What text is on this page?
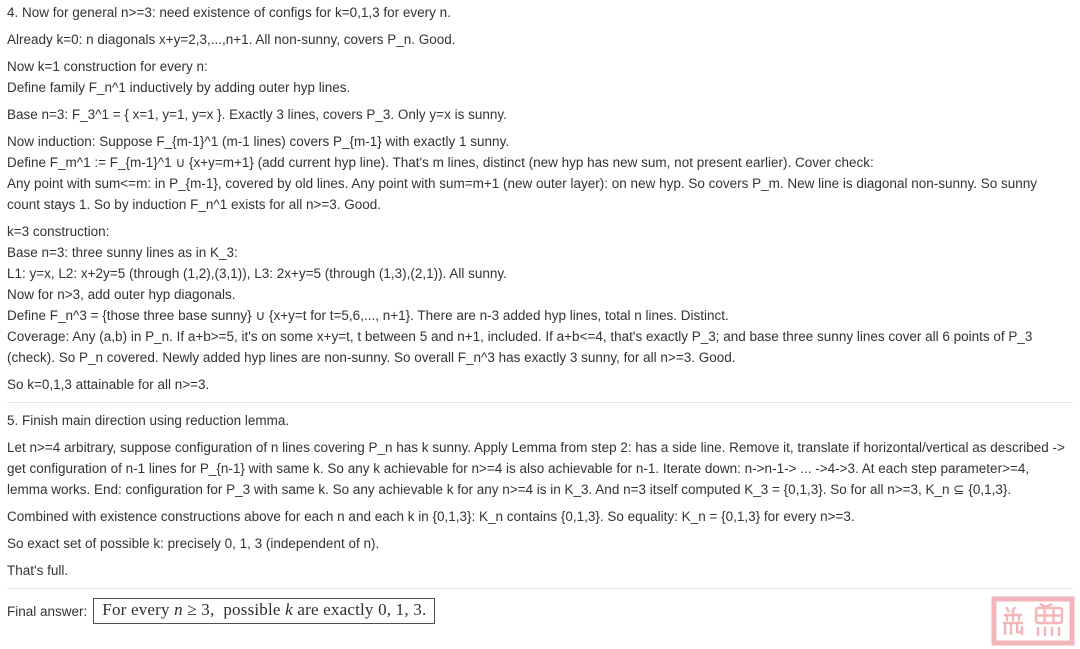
4. Now for general n>=3: need existence of configs for k=0,1,3 for every n.

Already k=0: n diagonals x+y=2,3,...,n+1. All non-sunny, covers P_n. Good.

Now k=1 construction for every n:
Define family F_n^1 inductively by adding outer hyp lines.

Base n=3: F_3^1 = { x=1, y=1, y=x }. Exactly 3 lines, covers P_3. Only y=x is sunny.

Now induction: Suppose F_{m-1}^1 (m-1 lines) covers P_{m-1} with exactly 1 sunny.
Define F_m^1 := F_{m-1}^1 ∪ {x+y=m+1} (add current hyp line). That's m lines, distinct (new hyp has new sum, not present earlier). Cover check:
Any point with sum<=m: in P_{m-1}, covered by old lines. Any point with sum=m+1 (new outer layer): on new hyp. So covers P_m. New line is diagonal non-sunny. So sunny count stays 1. So by induction F_n^1 exists for all n>=3. Good.

k=3 construction:
Base n=3: three sunny lines as in K_3:
L1: y=x, L2: x+2y=5 (through (1,2),(3,1)), L3: 2x+y=5 (through (1,3),(2,1)). All sunny.
Now for n>3, add outer hyp diagonals.
Define F_n^3 = {those three base sunny} ∪ {x+y=t for t=5,6,..., n+1}. There are n-3 added hyp lines, total n lines. Distinct.
Coverage: Any (a,b) in P_n. If a+b>=5, it's on some x+y=t, t between 5 and n+1, included. If a+b<=4, that's exactly P_3; and base three sunny lines cover all 6 points of P_3 (check). So P_n covered. Newly added hyp lines are non-sunny. So overall F_n^3 has exactly 3 sunny, for all n>=3. Good.

So k=0,1,3 attainable for all n>=3.

5. Finish main direction using reduction lemma.

Let n>=4 arbitrary, suppose configuration of n lines covering P_n has k sunny. Apply Lemma from step 2: has a side line. Remove it, translate if horizontal/vertical as described -> get configuration of n-1 lines for P_{n-1} with same k. So any k achievable for n>=4 is also achievable for n-1. Iterate down: n->n-1-> ... ->4->3. At each step parameter>=4, lemma works. End: configuration for P_3 with same k. So any achievable k for any n>=4 is in K_3. And n=3 itself computed K_3 = {0,1,3}. So for all n>=3, K_n ⊆ {0,1,3}.

Combined with existence constructions above for each n and each k in {0,1,3}: K_n contains {0,1,3}. So equality: K_n = {0,1,3} for every n>=3.

So exact set of possible k: precisely 0, 1, 3 (independent of n).

That's full.

Final answer: For every n ≥ 3,  possible k are exactly 0, 1, 3.
